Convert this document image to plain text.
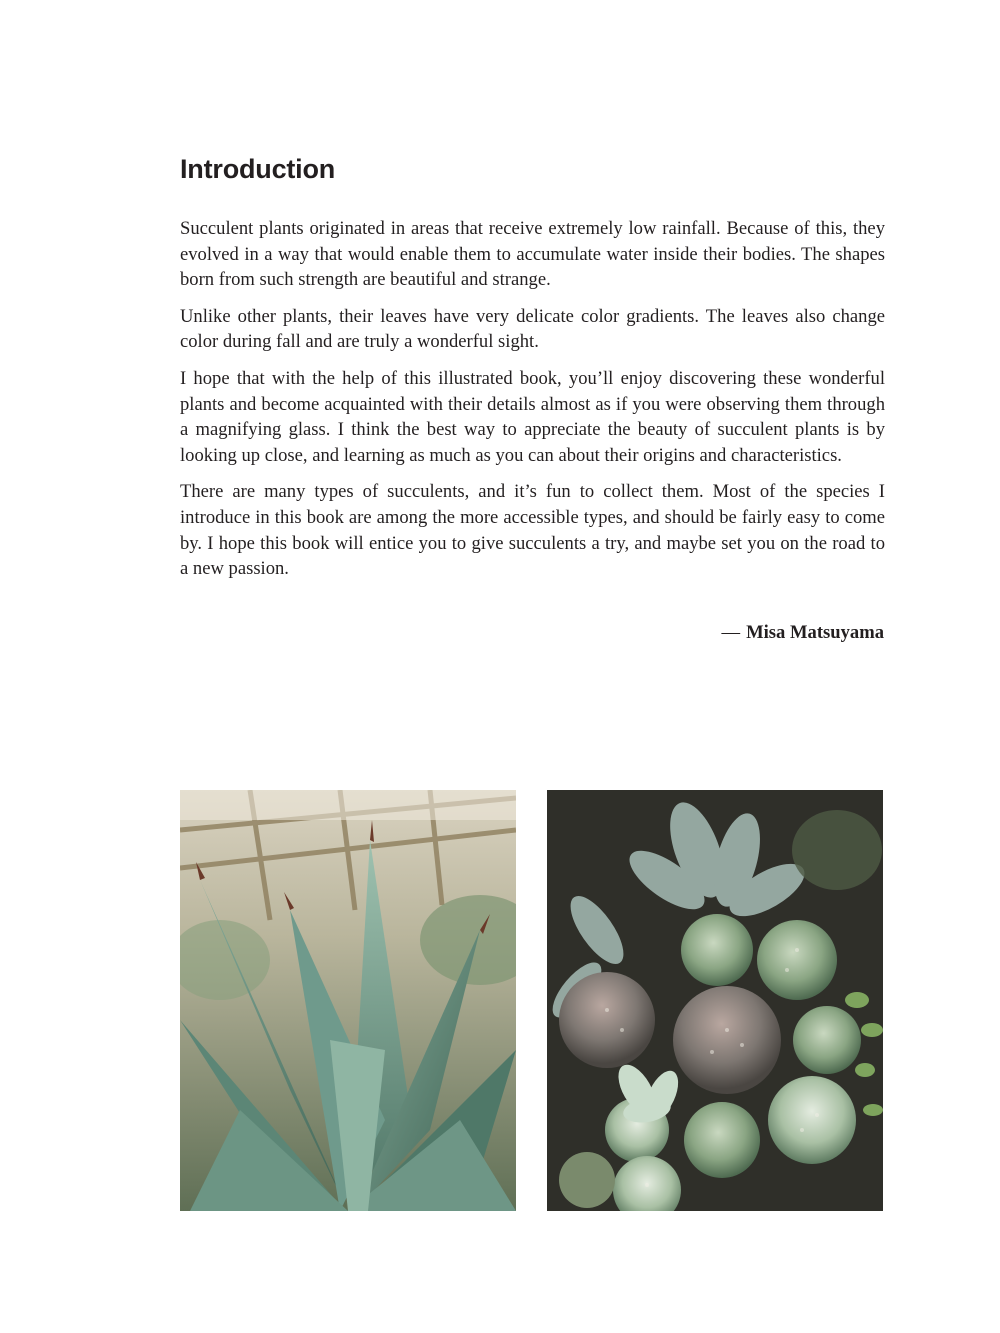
Introduction

Succulent plants originated in areas that receive extremely low rainfall. Because of this, they evolved in a way that would enable them to accumulate water inside their bodies. The shapes born from such strength are beautiful and strange.

Unlike other plants, their leaves have very delicate color gradients. The leaves also change color during fall and are truly a wonderful sight.

I hope that with the help of this illustrated book, you’ll enjoy discovering these wonderful plants and become acquainted with their details almost as if you were observing them through a magnifying glass. I think the best way to appreciate the beauty of succulent plants is by looking up close, and learning as much as you can about their origins and characteristics.

There are many types of succulents, and it’s fun to collect them. Most of the species I introduce in this book are among the more accessible types, and should be fairly easy to come by. I hope this book will entice you to give succulents a try, and maybe set you on the road to a new passion.

— Misa Matsuyama
